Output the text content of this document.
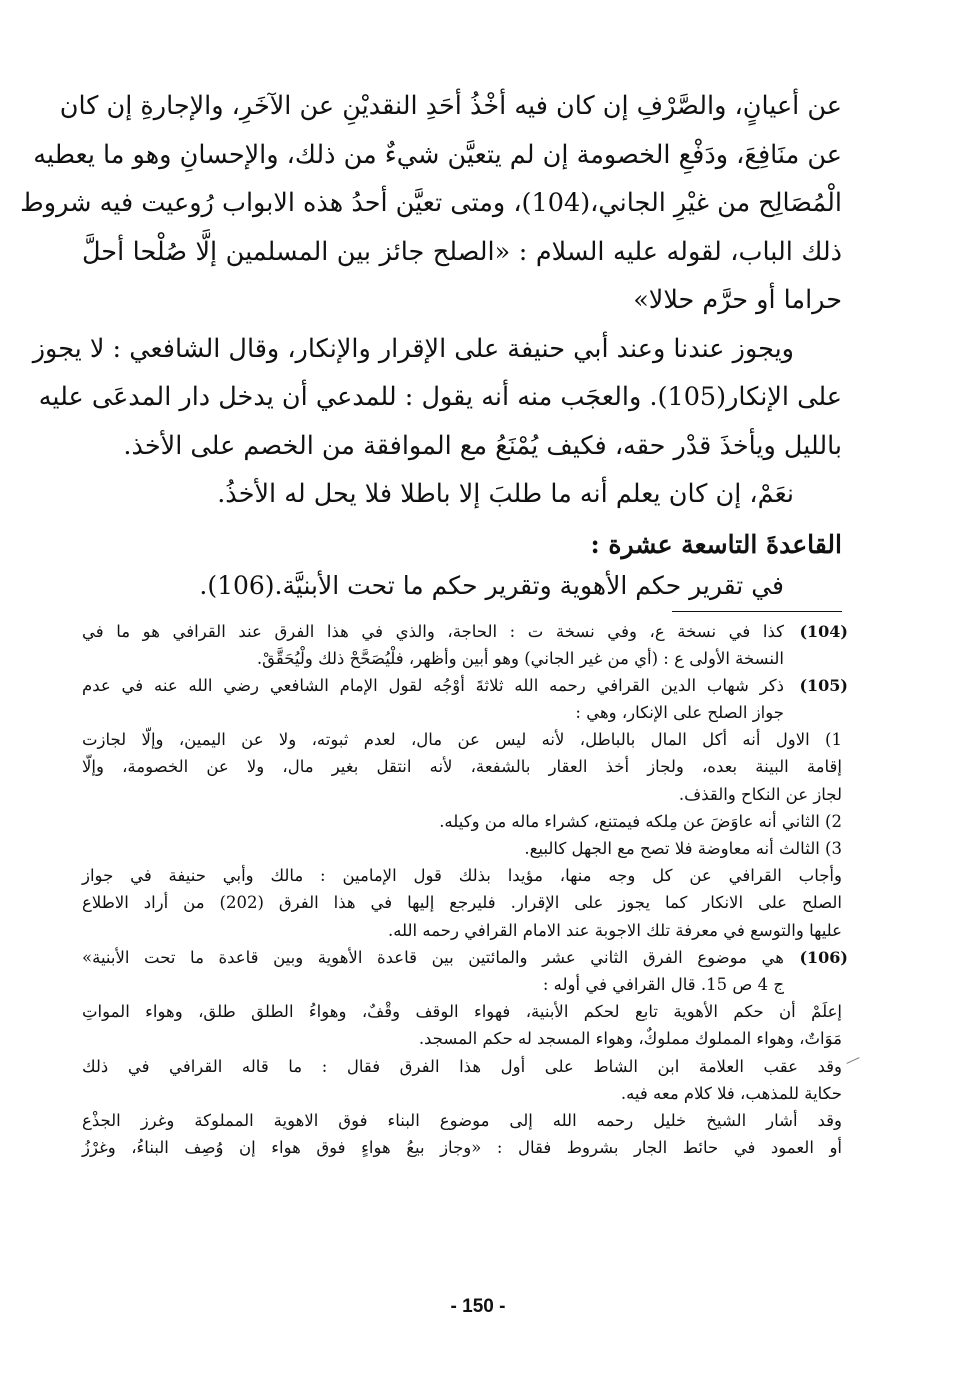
عن أعيانٍ، والصَّرْفِ إن كان فيه أخْذُ أحَدِ النقديْنِ عن الآخَرِ، والإجارةِ إن كان
عن منَافِعَ، ودَفْعِ الخصومة إن لم يتعيَّن شيءٌ من ذلك، والإحسانِ وهو ما يعطيه
الْمُصَالِح من غيْرِ الجاني،(104)، ومتى تعيَّن أحدُ هذه الابواب رُوعيت فيه شروط
ذلك الباب، لقوله عليه السلام : «الصلح جائز بين المسلمين إلَّا صُلْحا أحلَّ
حراما أو حرَّم حلالا»
ويجوز عندنا وعند أبي حنيفة على الإقرار والإنكار، وقال الشافعي : لا يجوز
على الإنكار(105). والعجَب منه أنه يقول : للمدعي أن يدخل دار المدعَى عليه
بالليل ويأخذَ قدْر حقه، فكيف يُمْنَعُ مع الموافقة من الخصم على الأخذ.
نعَمْ، إن كان يعلم أنه ما طلبَ إلا باطلا فلا يحل له الأخذُ.
القاعدةَ التاسعة عشرة :
في تقرير حكم الأهوية وتقرير حكم ما تحت الأبنيَّة.(106).
(104)
كذا في نسخة ع، وفي نسخة ت : الحاجة، والذي في هذا الفرق عند القرافي هو ما في
النسخة الأولى ع : (أي من غير الجاني) وهو أبين وأظهر، فلْيُصَحَّحْ ذلك ولْيُحَقَّقْ.
(105)
ذكر شهاب الدين القرافي رحمه الله ثلاثةَ أوْجُه لقول الإمام الشافعي رضي الله عنه في عدم
جواز الصلح على الإنكار، وهي :
1) الاول أنه أكل المال بالباطل، لأنه ليس عن مال، لعدم ثبوته، ولا عن اليمين، وإلّا لجازت
إقامة البينة بعده، ولجاز أخذ العقار بالشفعة، لأنه انتقل بغير مال، ولا عن الخصومة، وإلّا
لجاز عن النكاح والقذف.
2) الثاني أنه عاوَضَ عن مِلكه فيمتنع، كشراء ماله من وكيله.
3) الثالث أنه معاوضة فلا تصح مع الجهل كالبيع.
وأجاب القرافي عن كل وجه منها، مؤيدا بذلك قول الإمامين : مالك وأبي حنيفة في جواز
الصلح على الانكار كما يجوز على الإقرار. فليرجع إليها في هذا الفرق (202) من أراد الاطلاع
عليها والتوسع في معرفة تلك الاجوبة عند الامام القرافي رحمه الله.
(106)
هي موضوع الفرق الثاني عشر والمائتين بين قاعدة الأهوية وبين قاعدة ما تحت الأبنية»
ج 4 ص 15. قال القرافي في أوله :
إعلَمْ أن حكم الأهوية تابع لحكم الأبنية، فهواء الوقف وقْفٌ، وهواءُ الطلق طلق، وهواء المواتِ
مَوَاتٌ، وهواء المملوك مملوكٌ، وهواء المسجد له حكم المسجد.
وقد عقب العلامة ابن الشاط على أول هذا الفرق فقال : ما قاله القرافي في ذلك
حكاية للمذهب، فلا كلام معه فيه.
وقد أشار الشيخ خليل رحمه الله إلى موضوع البناء فوق الاهوية المملوكة وغرز الجذْع
أو العمود في حائط الجار بشروط فقال : «وجاز بيعُ هواءٍ فوق هواء إن وُصِف البناءُ، وغرْزُ
- 150 -
